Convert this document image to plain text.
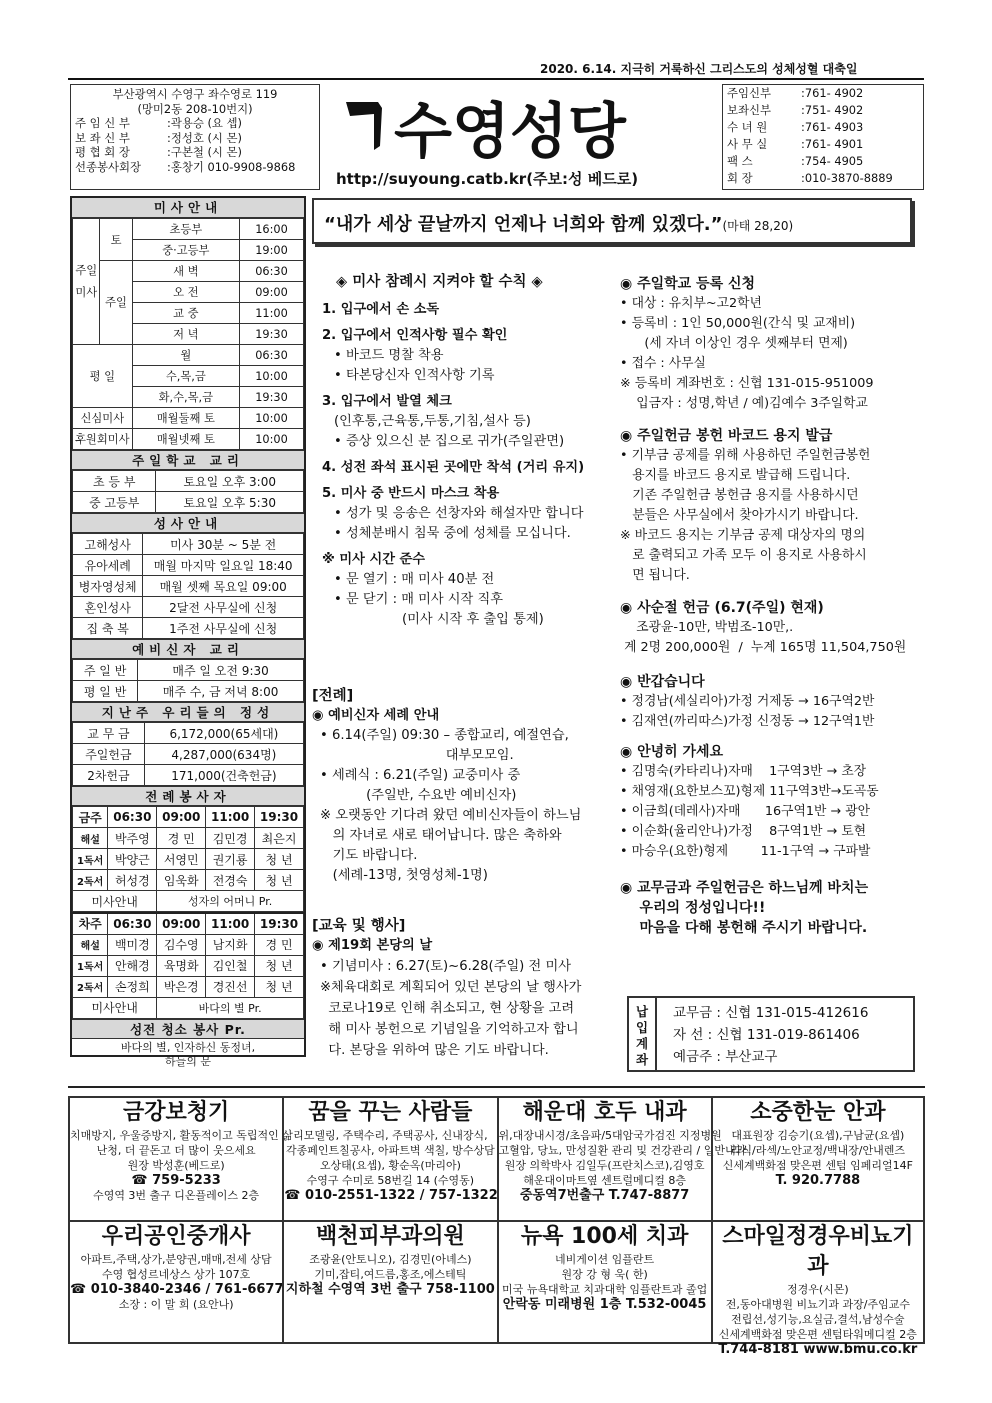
2020. 6.14. 지극히 거룩하신 그리스도의 성체성혈 대축일
부산광역시 수영구 좌수영로 119
(망미2동 208-10번지)
주 임 신 부	: 곽용승 (요 셉)
보 좌 신 부	: 정성호 (시 몬)
평 협 회 장	: 구본철 (시 몬)
선종봉사회장	: 홍창기 010-9908-9868 수영성당
http://suyoung.catb.kr(주보:성 베드로)
주임신부	: 761- 4902
보좌신부	: 751- 4902
수 녀 원	: 761- 4903
사 무 실	: 761- 4901
팩 스	: 754- 4905
회 장	: 010-3870-8889
미사안내
주일미사	토	초등부	16:00
		중·고등부	19:00
	주일	새 벽	06:30
		오 전	09:00
		교 중	11:00
		저 녁	19:30
평 일		월	06:30
		수,목,금	10:00
		화,수,목,금	19:30
신심미사		매월둘째 토	10:00
후원회미사		매월넷째 토	10:00
주일학교 교리
초 등 부	토요일 오후 3:00
중 고등부	토요일 오후 5:30
성사안내
고해성사	미사 30분 ~ 5분 전
유아세례	매월 마지막 일요일 18:40
병자영성체	매월 셋째 목요일 09:00
혼인성사	2달전 사무실에 신청
집 축 복	1주전 사무실에 신청
예비신자 교리
주 일 반	매주 일 오전 9:30
평 일 반	매주 수, 금 저녁 8:00
지난주 우리들의 정성
교 무 금	6,172,000(65세대)
주일헌금	4,287,000(634명)
2차헌금	171,000(건축헌금)
전례봉사자
금주	06:30	09:00	11:00	19:30
해설	박주영	경 민	김민경	최은지
1독서	박양근	서영민	권기룡	청 년
2독서	허성경	임욱화	전경숙	청 년
미사안내		성자의 어머니 Pr.		
차주	06:30	09:00	11:00	19:30
해설	백미경	김수영	남지화	경 민
1독서	안해경	육명화	김인철	청 년
2독서	손정희	박은경	경진선	청 년
미사안내		바다의 별 Pr.		
성전 청소 봉사 Pr.
바다의 별, 인자하신 동정녀,
하늘의 문
“내가 세상 끝날까지 언제나 너희와 함께 있겠다.”(마태 28,20)
◈ 미사 참례시 지켜야 할 수칙 ◈
1. 입구에서 손 소독
2. 입구에서 인적사항 필수 확인
• 바코드 명찰 착용
• 타본당신자 인적사항 기록
3. 입구에서 발열 체크
(인후통,근육통,두통,기침,설사 등)
• 증상 있으신 분 집으로 귀가(주일관면)
4. 성전 좌석 표시된 곳에만 착석 (거리 유지)
5. 미사 중 반드시 마스크 착용
• 성가 및 응송은 선창자와 해설자만 합니다
• 성체분배시 침묵 중에 성체를 모십니다.
※ 미사 시간 준수
• 문 열기 : 매 미사 40분 전
• 문 닫기 : 매 미사 시작 직후
(미사 시작 후 출입 통제)
[전례]
◉ 예비신자 세례 안내
• 6.14(주일) 09:30 – 종합교리, 예절연습,
대부모모임.
• 세례식 : 6.21(주일) 교중미사 중
(주일반, 수요반 예비신자)
※ 오랫동안 기다려 왔던 예비신자들이 하느님
의 자녀로 새로 태어납니다. 많은 축하와
기도 바랍니다.
(세례-13명, 첫영성체-1명)
[교육 및 행사]
◉ 제19회 본당의 날
• 기념미사 : 6.27(토)~6.28(주일) 전 미사
※체육대회로 계획되어 있던 본당의 날 행사가
코로나19로 인해 취소되고, 현 상황을 고려
해 미사 봉헌으로 기념일을 기억하고자 합니
다. 본당을 위하여 많은 기도 바랍니다.
◉ 주일학교 등록 신청
• 대상 : 유치부~고2학년
• 등록비 : 1인 50,000원(간식 및 교재비)
(세 자녀 이상인 경우 셋째부터 면제)
• 접수 : 사무실
※ 등록비 계좌번호 : 신협 131-015-951009
입금자 : 성명,학년 / 예)김예수 3주일학교
◉ 주일헌금 봉헌 바코드 용지 발급
• 기부금 공제를 위해 사용하던 주일헌금봉헌
용지를 바코드 용지로 발급해 드립니다.
기존 주일헌금 봉헌금 용지를 사용하시던
분들은 사무실에서 찾아가시기 바랍니다.
※ 바코드 용지는 기부금 공제 대상자의 명의
로 출력되고 가족 모두 이 용지로 사용하시
면 됩니다.
◉ 사순절 헌금 (6.7(주일) 현재)
조광윤-10만, 박범조-10만,.
계 2명 200,000원  /  누계 165명 11,504,750원
◉ 반갑습니다
• 정경남(세실리아)가정 거제동 → 16구역2반
• 김재연(까리따스)가정 신정동 → 12구역1반
◉ 안녕히 가세요
• 김명숙(카타리나)자매    1구역3반 → 초장
• 채영재(요한보스꼬)형제 11구역3반→도곡동
• 이금희(데레사)자매      16구역1반 → 광안
• 이순화(율리안나)가정    8구역1반 → 토현
• 마승우(요한)형제        11-1구역 → 구파발
◉ 교무금과 주일헌금은 하느님께 바치는
우리의 정성입니다!!
마음을 다해 봉헌해 주시기 바랍니다.
납입계좌
교무금 : 신협 131-015-412616
자 선 : 신협 131-019-861406
예금주 : 부산교구
금강보청기
치매방지, 우울증방지, 활동적이고 독립적인 삶
난청, 더 끝돈고 더 많이 웃으세요
원장 박성훈(베드로)
☎ 759-5233
수영역 3번 출구 디온플레이스 2층
꿈을 꾸는 사람들
리모델링, 주택수리, 주택공사, 신내장식,
각종페인트칠공사, 아파트벽 색칠, 방수상담
오상태(요셉), 황순옥(마리아)
수영구 수미로 58번길 14 (수영동)
☎ 010-2551-1322 / 757-1322
해운대 호두 내과
위,대장내시경/초음파/5대암국가검진 지정병원
고혈압, 당뇨, 만성질환 관리 및 건강관리 / 일반내과
원장 의학박사 김일두(프란치스코),김영호
해운대이마트옆 센트럴메디컬 8층
중동역7번출구 T.747-8877
소중한눈 안과
대표원장 김승기(요셉),구남균(요셉)
라식/라섹/노안교정/백내장/안내렌즈
신세계백화점 맞은편 센텀 임페리얼14F
T. 920.7788
우리공인중개사
아파트,주택,상가,분양권,매매,전세 상담
수영 협성르네상스 상가 107호
☎ 010-3840-2346 / 761-6677
소장 : 이 말 희 (요안나)
백천피부과의원
조광윤(안토니오), 김경민(아녜스)
기미,잡티,여드름,홍조,에스테틱
지하철 수영역 3번 출구 758-1100
뉴욕 100세 치과
네비게이션 임플란트
원장 강 형 욱( 한)
미국 뉴욕대학교 치과대학 임플란트과 졸업
안락동 미래병원 1층 T.532-0045
스마일정경우비뇨기과
정경우(시몬)
전,동아대병원 비뇨기과 과장/주임교수
전립선,성기능,요실금,결석,남성수술
신세계백화점 맞은편 센텀타워메디컬 2층
T.744-8181 www.bmu.co.kr
